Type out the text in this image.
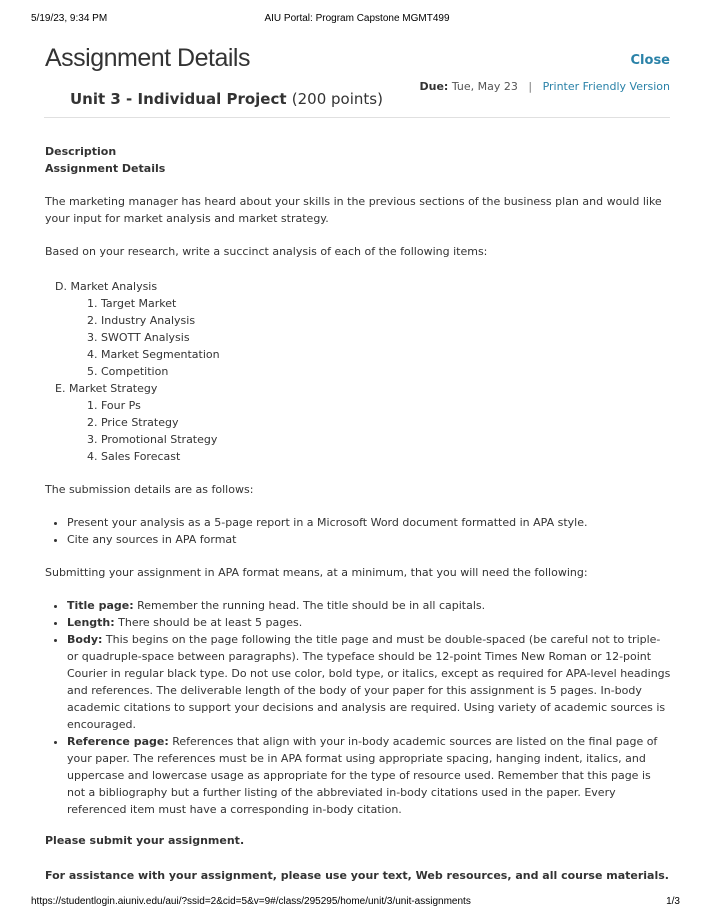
5/19/23, 9:34 PM	AIU Portal: Program Capstone MGMT499
Assignment Details	Close
Due: Tue, May 23 | Printer Friendly Version
Unit 3 - Individual Project (200 points)

Description

Assignment Details

The marketing manager has heard about your skills in the previous sections of the business plan and would like your input for market analysis and market strategy.

Based on your research, write a succinct analysis of each of the following items:

D. Market Analysis
1. Target Market
2. Industry Analysis
3. SWOTT Analysis
4. Market Segmentation
5. Competition
E. Market Strategy
1. Four Ps
2. Price Strategy
3. Promotional Strategy
4. Sales Forecast

The submission details are as follows:

• Present your analysis as a 5-page report in a Microsoft Word document formatted in APA style.
• Cite any sources in APA format

Submitting your assignment in APA format means, at a minimum, that you will need the following:

• Title page: Remember the running head. The title should be in all capitals.
• Length: There should be at least 5 pages.
• Body: This begins on the page following the title page and must be double-spaced (be careful not to triple- or quadruple-space between paragraphs). The typeface should be 12-point Times New Roman or 12-point Courier in regular black type. Do not use color, bold type, or italics, except as required for APA-level headings and references. The deliverable length of the body of your paper for this assignment is 5 pages. In-body academic citations to support your decisions and analysis are required. Using variety of academic sources is encouraged.
• Reference page: References that align with your in-body academic sources are listed on the final page of your paper. The references must be in APA format using appropriate spacing, hanging indent, italics, and uppercase and lowercase usage as appropriate for the type of resource used. Remember that this page is not a bibliography but a further listing of the abbreviated in-body citations used in the paper. Every referenced item must have a corresponding in-body citation.

Please submit your assignment.

For assistance with your assignment, please use your text, Web resources, and all course materials.

https://studentlogin.aiuniv.edu/aui/?ssid=2&cid=5&v=9#/class/295295/home/unit/3/unit-assignments	1/3
